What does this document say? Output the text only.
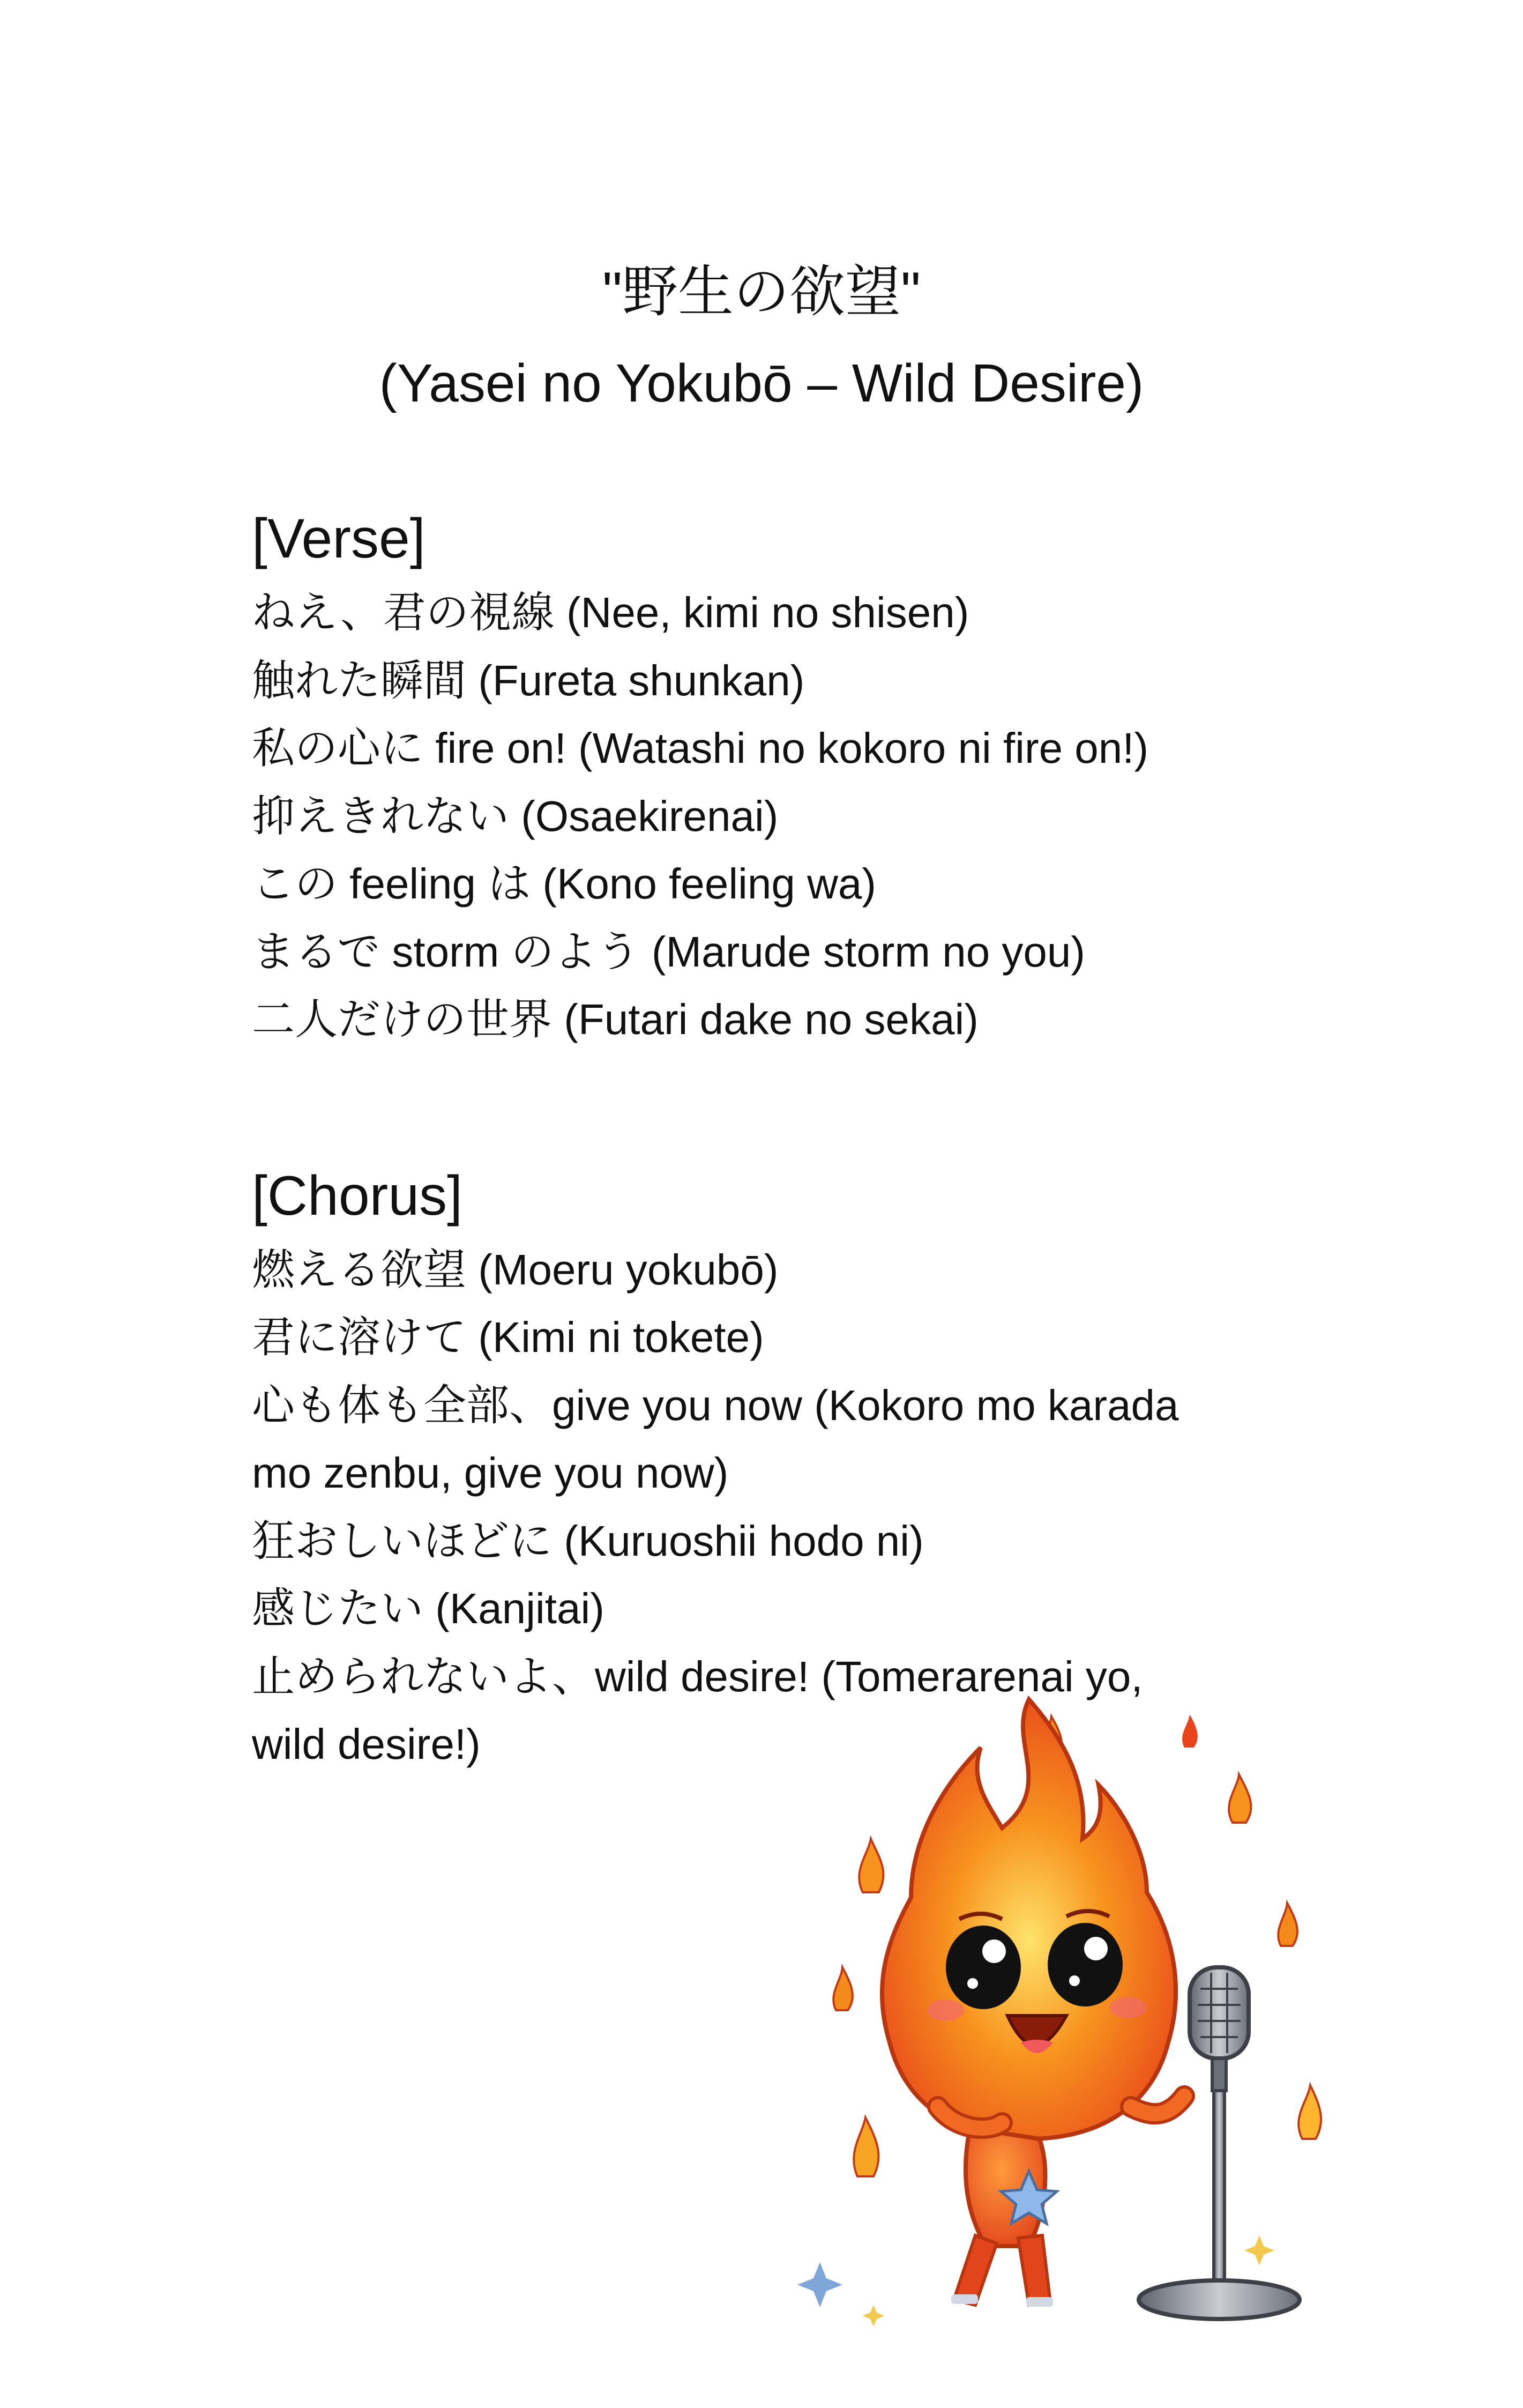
"野生の欲望"

(Yasei no Yokubō – Wild Desire)

[Verse]

ねえ、君の視線 (Nee, kimi no shisen)

触れた瞬間 (Fureta shunkan)

私の心に fire on! (Watashi no kokoro ni fire on!)

抑えきれない (Osaekirenai)

この feeling は (Kono feeling wa)

まるで storm のよう (Marude storm no you)

二人だけの世界 (Futari dake no sekai)

[Chorus]

燃える欲望 (Moeru yokubō)

君に溶けて (Kimi ni tokete)

心も体も全部、give you now (Kokoro mo karada

mo zenbu, give you now)

狂おしいほどに (Kuruoshii hodo ni)

感じたい (Kanjitai)

止められないよ、wild desire! (Tomerarenai yo,

wild desire!)
